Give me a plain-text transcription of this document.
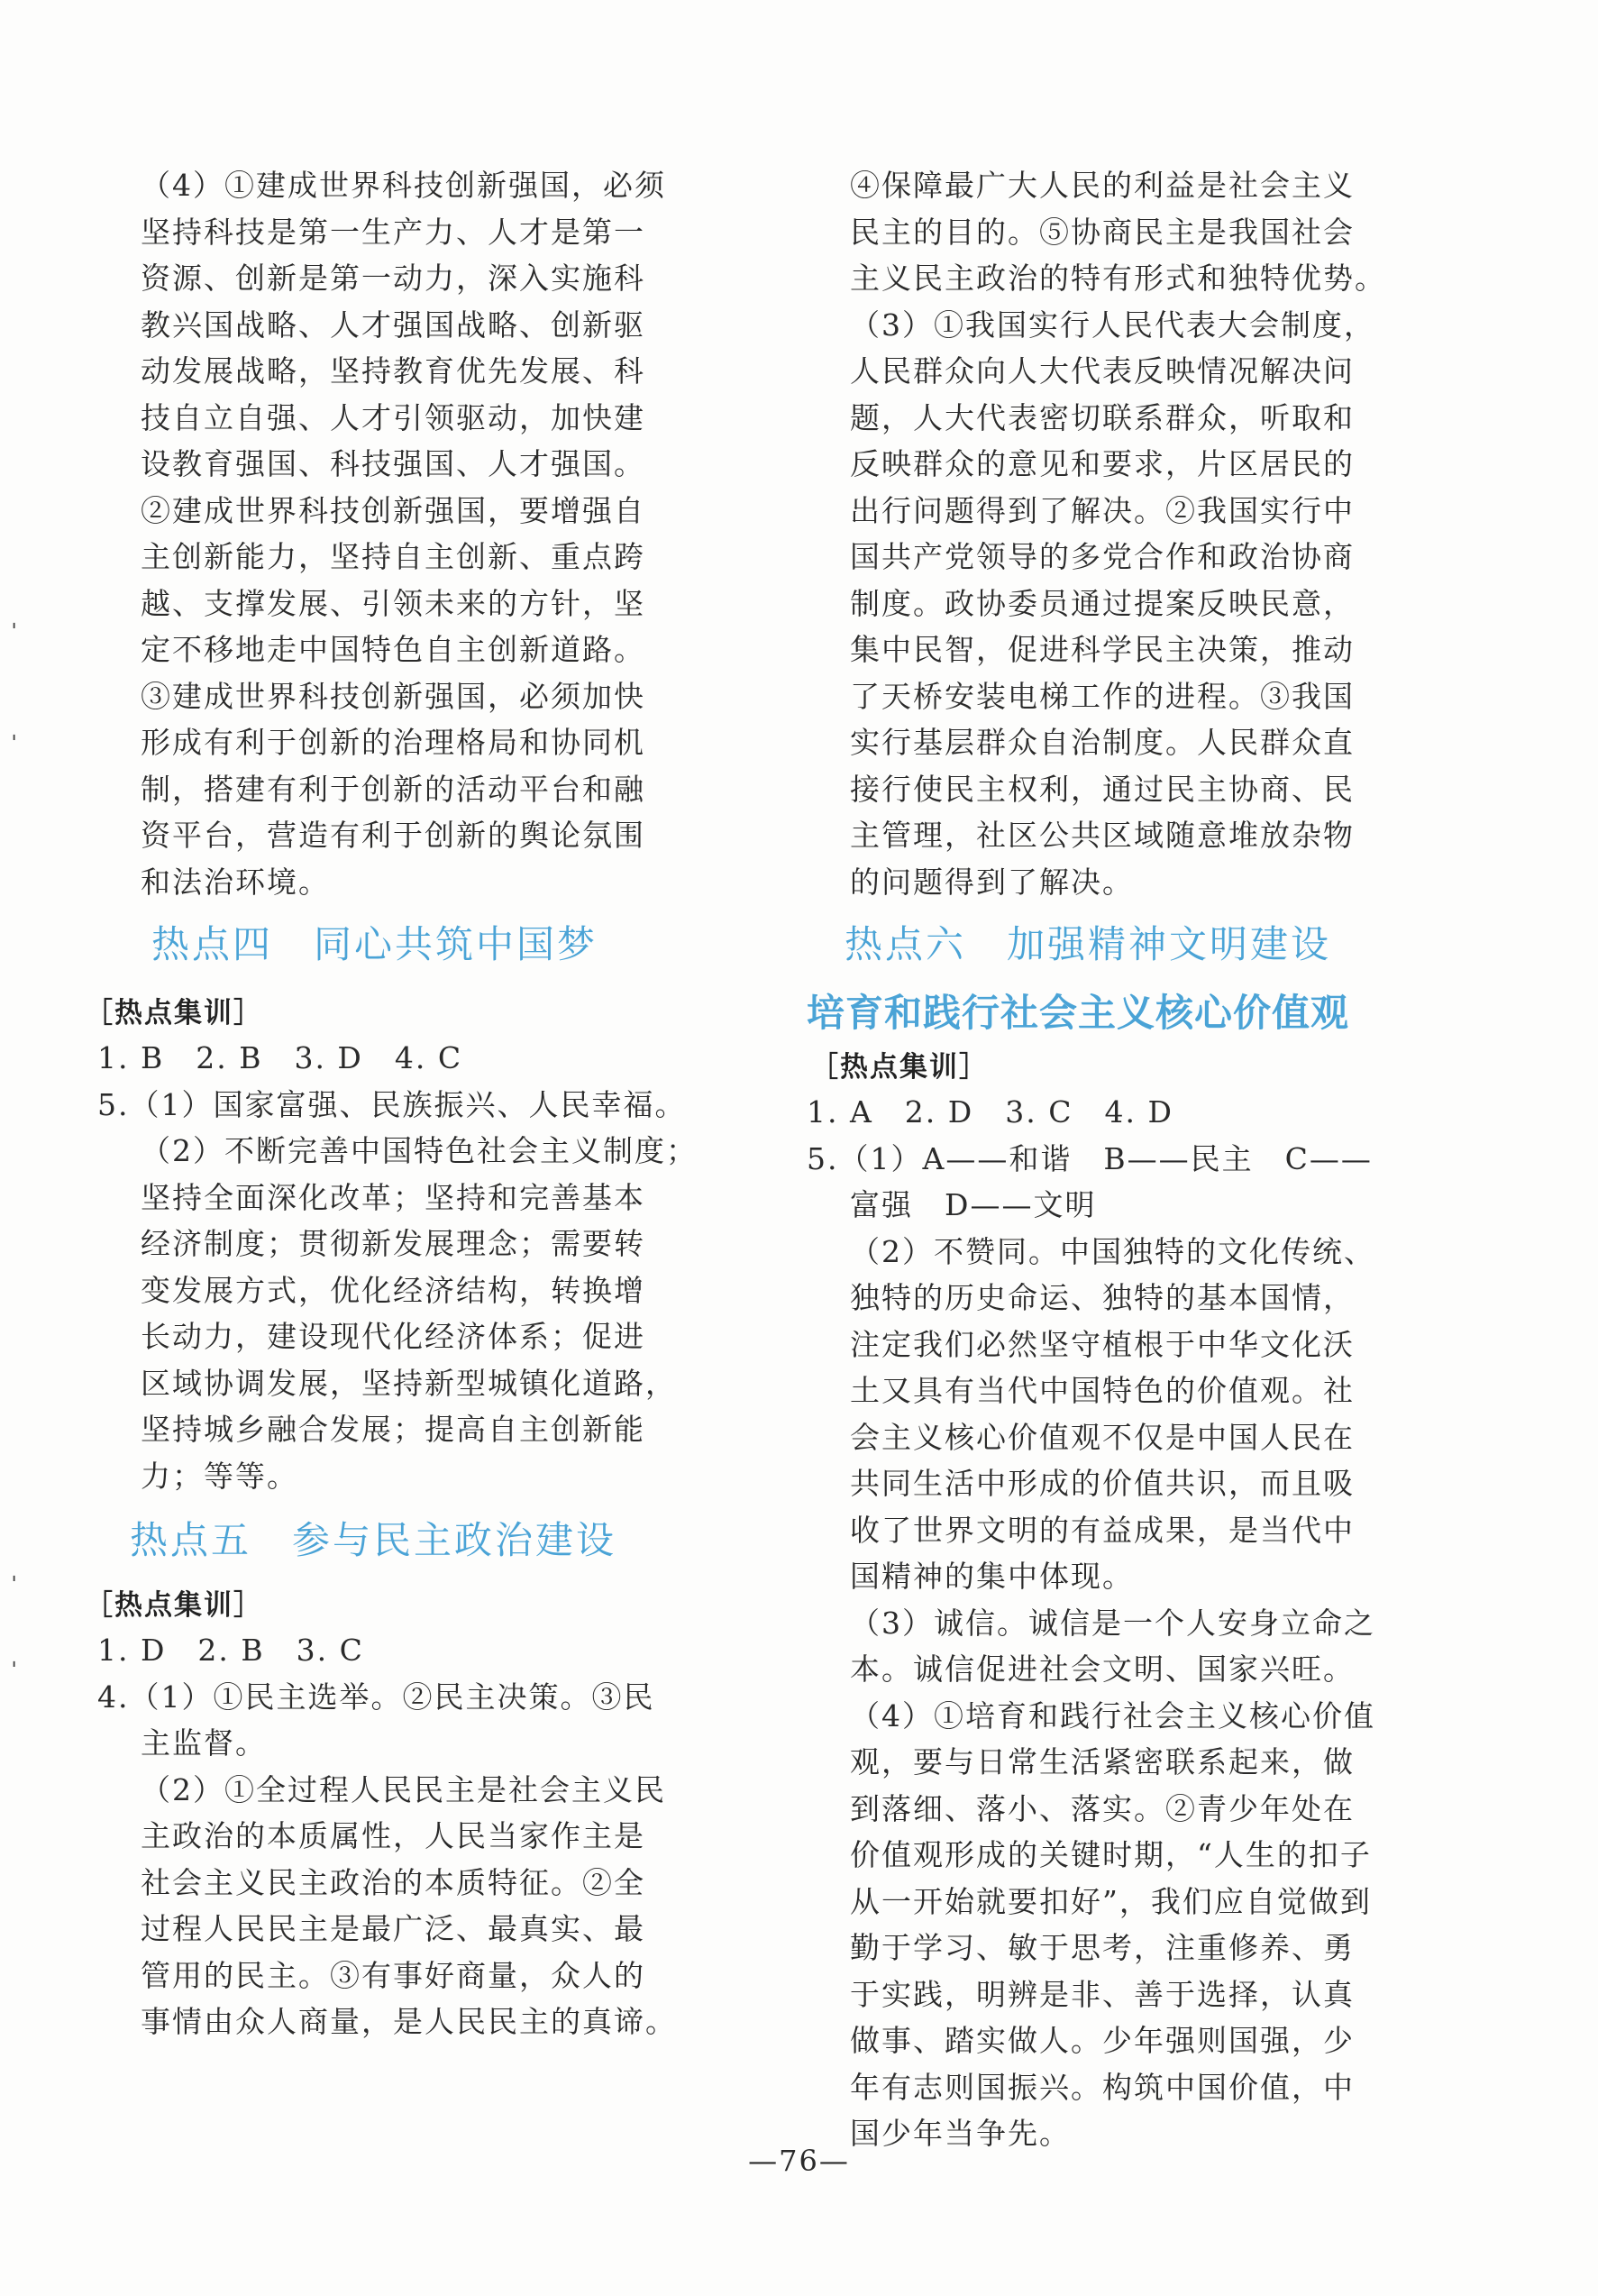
（4）①建成世界科技创新强国，必须

坚持科技是第一生产力、人才是第一

资源、创新是第一动力，深入实施科

教兴国战略、人才强国战略、创新驱

动发展战略，坚持教育优先发展、科

技自立自强、人才引领驱动，加快建

设教育强国、科技强国、人才强国。

②建成世界科技创新强国，要增强自

主创新能力，坚持自主创新、重点跨

越、支撑发展、引领未来的方针，坚

定不移地走中国特色自主创新道路。

③建成世界科技创新强国，必须加快

形成有利于创新的治理格局和协同机

制，搭建有利于创新的活动平台和融

资平台，营造有利于创新的舆论氛围

和法治环境。

热点四　同心共筑中国梦

［热点集训］

1. B　2. B　3. D　4. C

5.（1）国家富强、民族振兴、人民幸福。

（2）不断完善中国特色社会主义制度；

坚持全面深化改革；坚持和完善基本

经济制度；贯彻新发展理念；需要转

变发展方式，优化经济结构，转换增

长动力，建设现代化经济体系；促进

区域协调发展，坚持新型城镇化道路，

坚持城乡融合发展；提高自主创新能

力；等等。

热点五　参与民主政治建设

［热点集训］

1. D　2. B　3. C

4.（1）①民主选举。②民主决策。③民

主监督。

（2）①全过程人民民主是社会主义民

主政治的本质属性，人民当家作主是

社会主义民主政治的本质特征。②全

过程人民民主是最广泛、最真实、最

管用的民主。③有事好商量，众人的

事情由众人商量，是人民民主的真谛。

④保障最广大人民的利益是社会主义

民主的目的。⑤协商民主是我国社会

主义民主政治的特有形式和独特优势。

（3）①我国实行人民代表大会制度，

人民群众向人大代表反映情况解决问

题，人大代表密切联系群众，听取和

反映群众的意见和要求，片区居民的

出行问题得到了解决。②我国实行中

国共产党领导的多党合作和政治协商

制度。政协委员通过提案反映民意，

集中民智，促进科学民主决策，推动

了天桥安装电梯工作的进程。③我国

实行基层群众自治制度。人民群众直

接行使民主权利，通过民主协商、民

主管理，社区公共区域随意堆放杂物

的问题得到了解决。

热点六　加强精神文明建设
培育和践行社会主义核心价值观

［热点集训］

1. A　2. D　3. C　4. D

5.（1）A——和谐　B——民主　C——

富强　D——文明

（2）不赞同。中国独特的文化传统、

独特的历史命运、独特的基本国情，

注定我们必然坚守植根于中华文化沃

土又具有当代中国特色的价值观。社

会主义核心价值观不仅是中国人民在

共同生活中形成的价值共识，而且吸

收了世界文明的有益成果，是当代中

国精神的集中体现。

（3）诚信。诚信是一个人安身立命之

本。诚信促进社会文明、国家兴旺。

（4）①培育和践行社会主义核心价值

观，要与日常生活紧密联系起来，做

到落细、落小、落实。②青少年处在

价值观形成的关键时期，“人生的扣子

从一开始就要扣好”，我们应自觉做到

勤于学习、敏于思考，注重修养、勇

于实践，明辨是非、善于选择，认真

做事、踏实做人。少年强则国强，少

年有志则国振兴。构筑中国价值，中

国少年当争先。

—76—
ˈ
ˌ
ˈ
ˈ
